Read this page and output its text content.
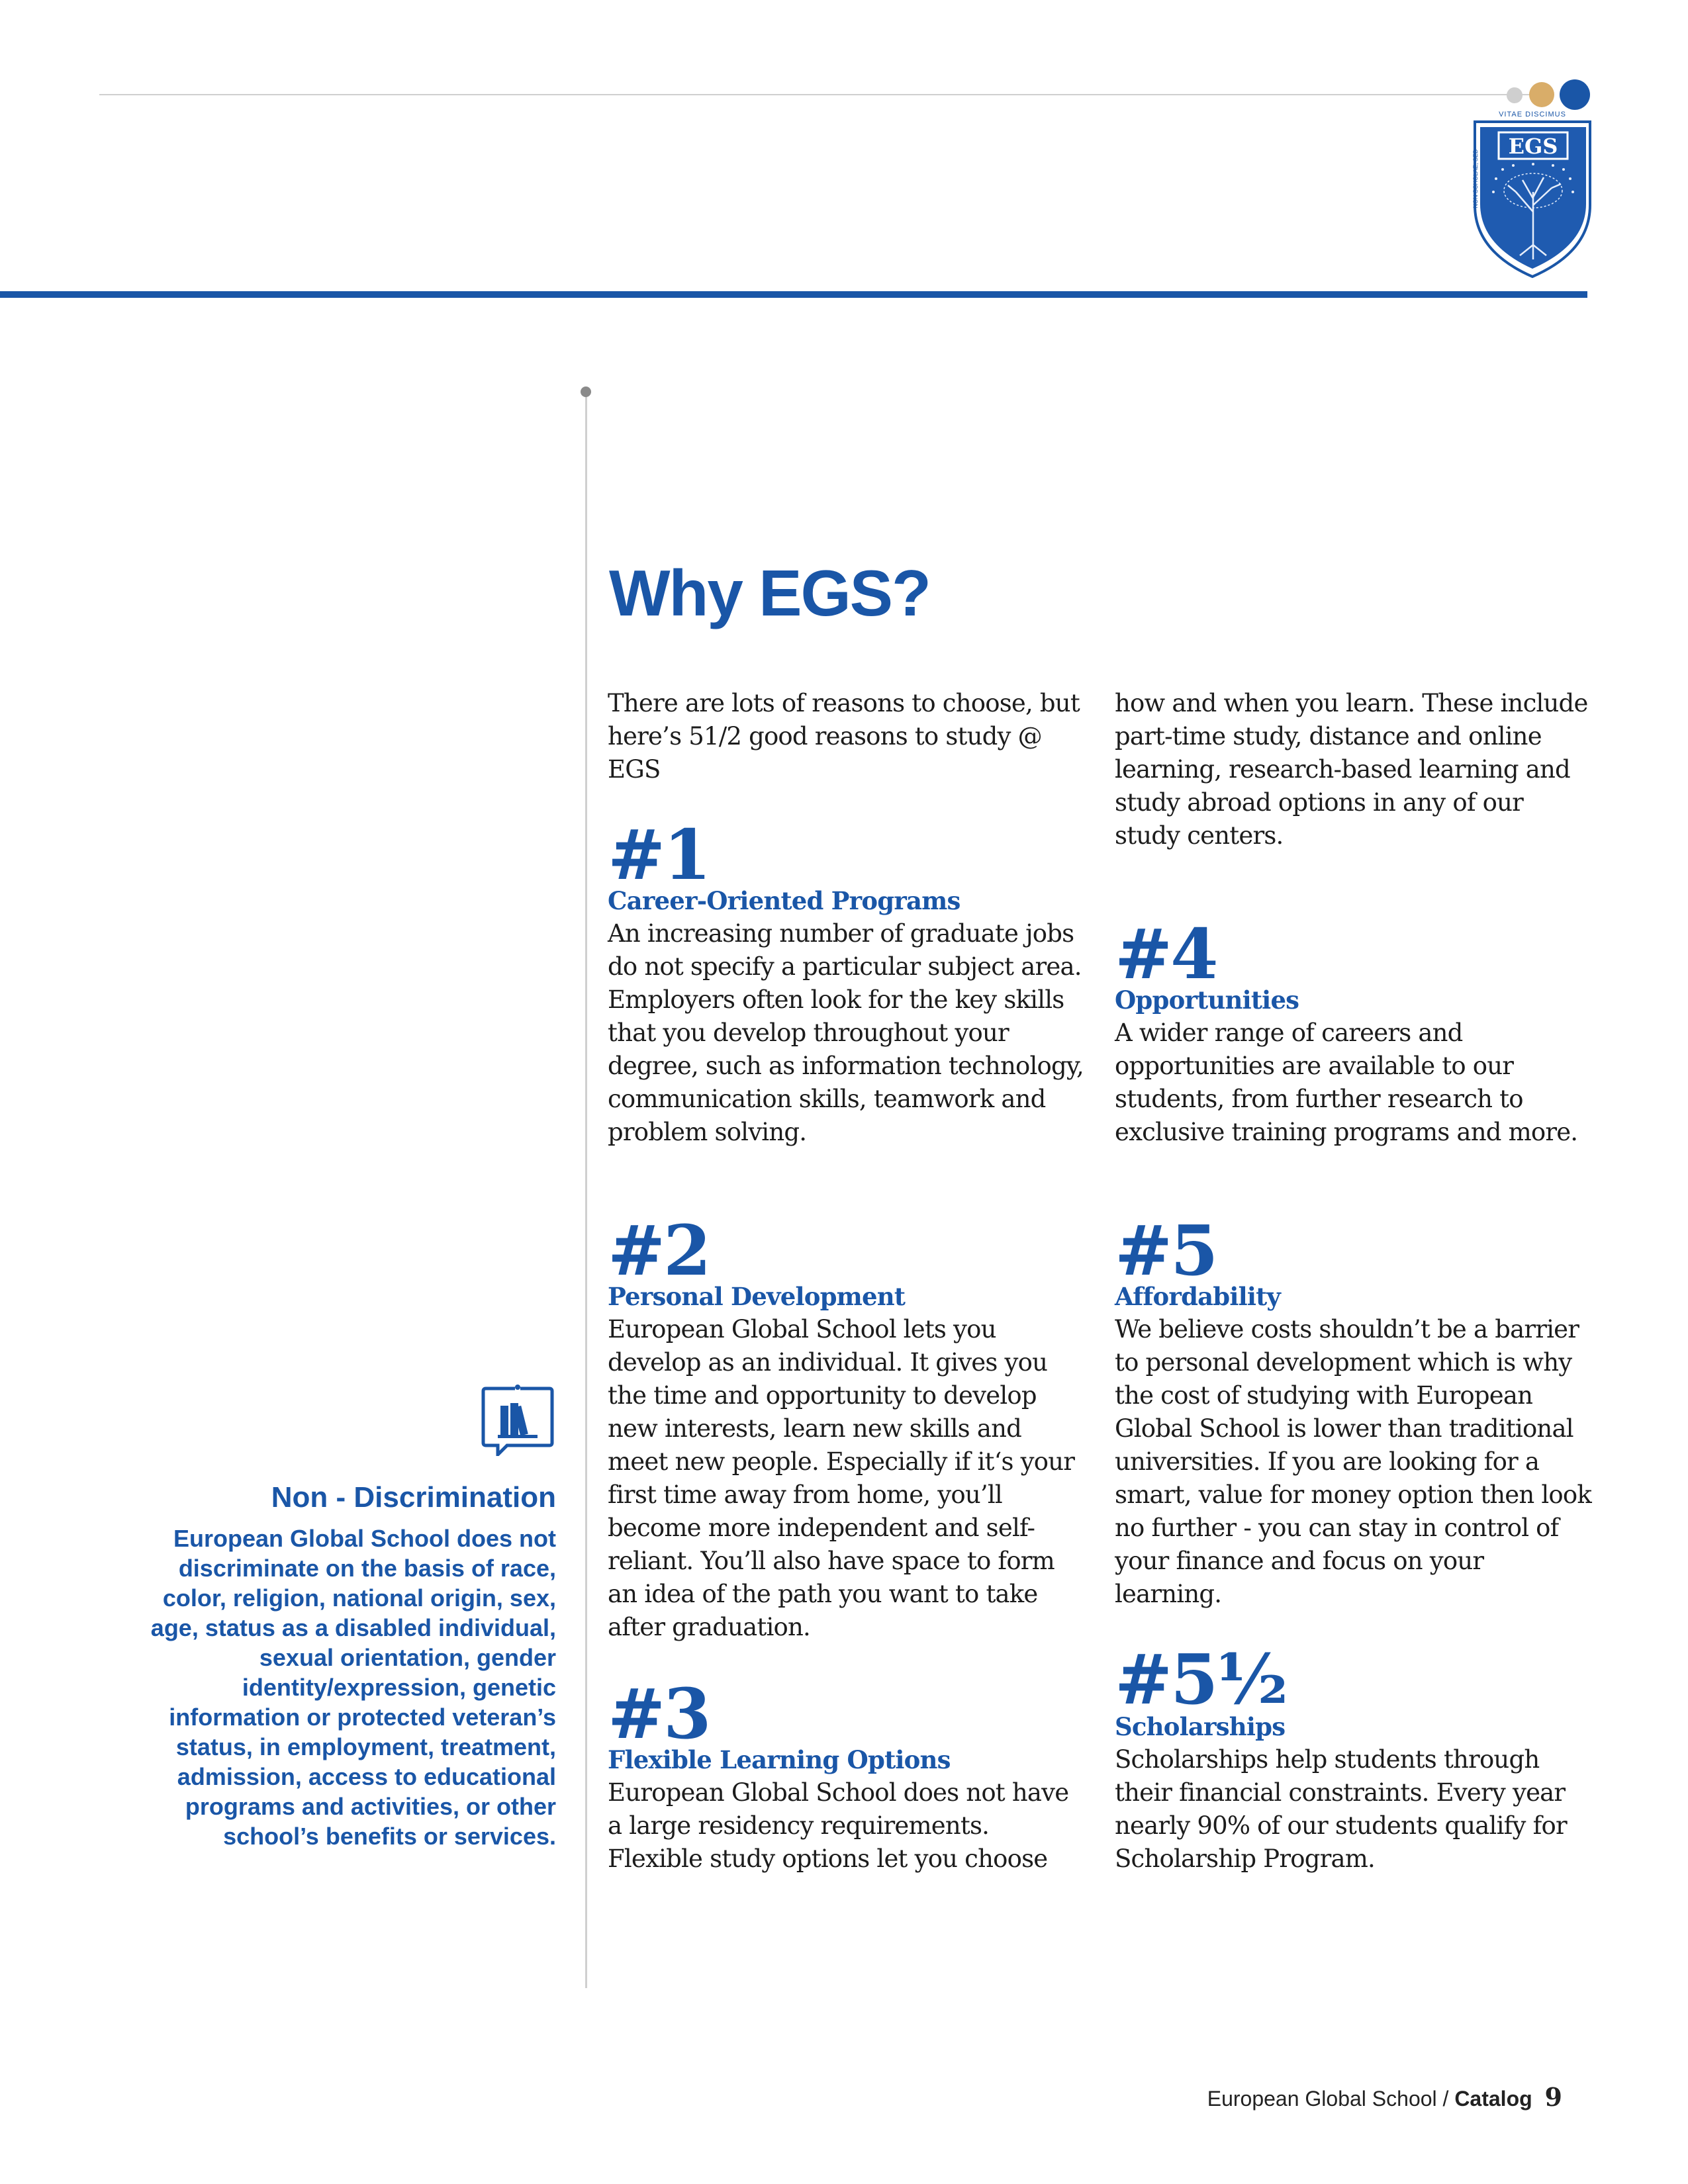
VITAE DISCIMUS
NON SCHOLAE, SED
EGS
Why EGS?
There are lots of reasons to choose, but here’s 51/2 good reasons to study @ EGS
#1
Career-Oriented Programs
An increasing number of graduate jobs do not specify a particular subject area. Employers often look for the key skills that you develop throughout your degree, such as information technology, communication skills, teamwork and problem solving.
#2
Personal Development
European Global School lets you develop as an individual. It gives you the time and opportunity to develop new interests, learn new skills and meet new people. Especially if it‘s your first time away from home, you’ll become more independent and self-reliant. You’ll also have space to form an idea of the path you want to take after graduation.
#3
Flexible Learning Options
European Global School does not have a large residency requirements. Flexible study options let you choose
how and when you learn. These include part-time study, distance and online learning, research-based learning and study abroad options in any of our study centers.
#4
Opportunities
A wider range of careers and opportunities are available to our students, from further research to exclusive training programs and more.
#5
Affordability
We believe costs shouldn’t be a barrier to personal development which is why the cost of studying with European Global School is lower than traditional universities. If you are looking for a smart, value for money option then look no further - you can stay in control of your finance and focus on your learning.
#5½
Scholarships
Scholarships help students through their financial constraints. Every year nearly 90% of our students qualify for Scholarship Program.
Non - Discrimination
European Global School does not discriminate on the basis of race, color, religion, national origin, sex, age, status as a disabled individual, sexual orientation, gender identity/expression, genetic information or protected veteran’s status, in employment, treatment, admission, access to educational programs and activities, or other school’s benefits or services.
European Global School / Catalog 9
